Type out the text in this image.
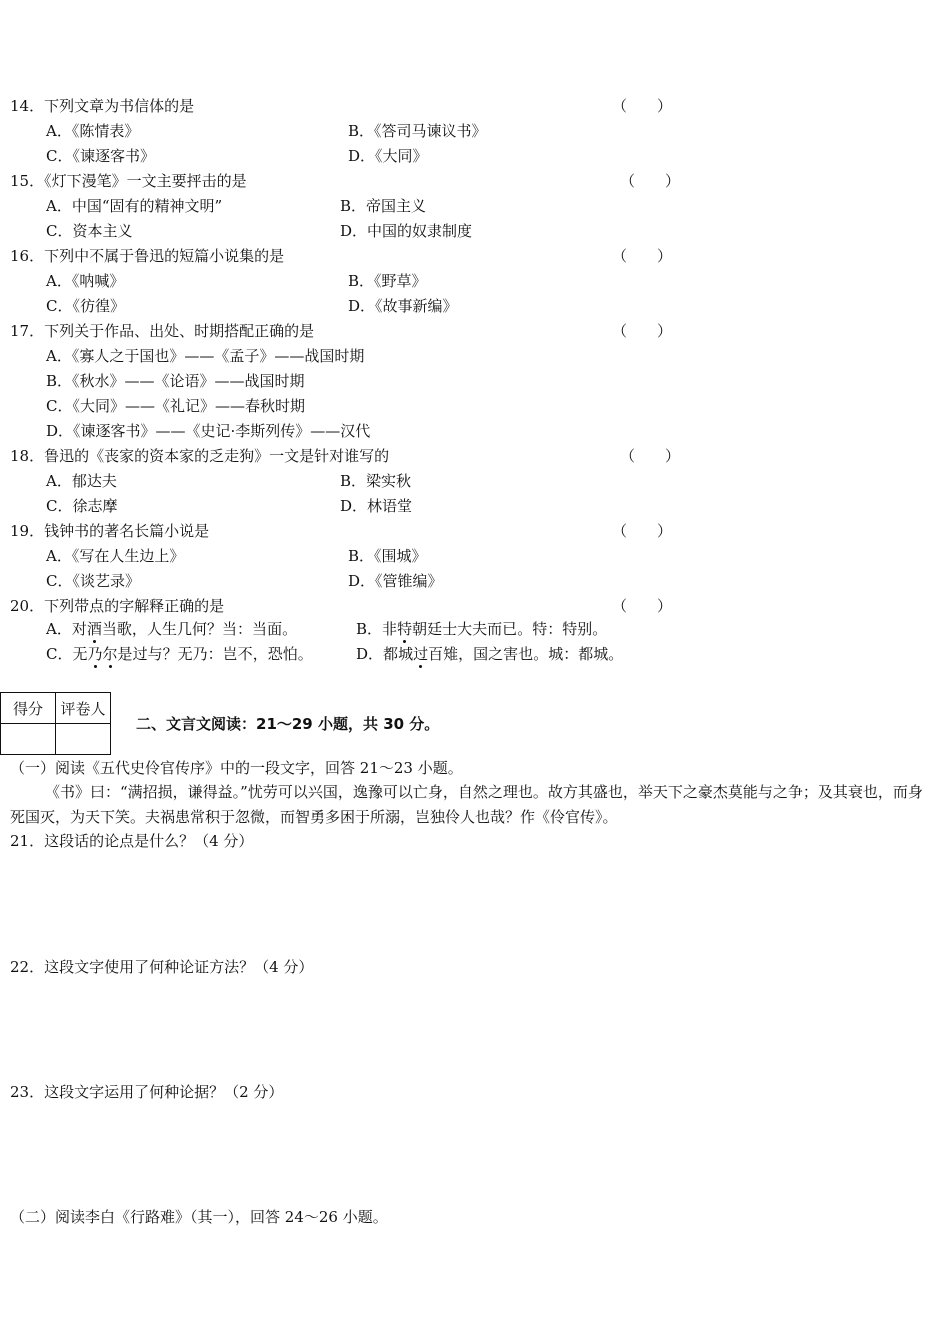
14．下列文章为书信体的是	（　　）
A．《陈情表》	B．《答司马谏议书》
C．《谏逐客书》	D．《大同》
15．《灯下漫笔》一文主要抨击的是	（　　）
A．中国“固有的精神文明”	B．帝国主义
C．资本主义	D．中国的奴隶制度
16．下列中不属于鲁迅的短篇小说集的是	（　　）
A．《呐喊》	B．《野草》
C．《彷徨》	D．《故事新编》
17．下列关于作品、出处、时期搭配正确的是	（　　）
A．《寡人之于国也》——《孟子》——战国时期
B．《秋水》——《论语》——战国时期
C．《大同》——《礼记》——春秋时期
D．《谏逐客书》——《史记·李斯列传》——汉代
18．鲁迅的《丧家的资本家的乏走狗》一文是针对谁写的	（　　）
A．郁达夫	B．梁实秋
C．徐志摩	D．林语堂
19．钱钟书的著名长篇小说是	（　　）
A．《写在人生边上》	B．《围城》
C．《谈艺录》	D．《管锥编》
20．下列带点的字解释正确的是	（　　）
A．对酒当歌，人生几何？当：当面。	B．非特朝廷士大夫而已。特：特别。
C．无乃尔是过与？无乃：岂不，恐怕。	D．都城过百雉，国之害也。城：都城。
得分	评卷人

二、文言文阅读：21～29 小题，共 30 分。
（一）阅读《五代史伶官传序》中的一段文字，回答 21～23 小题。
《书》曰：“满招损，谦得益。”忧劳可以兴国，逸豫可以亡身，自然之理也。故方其盛也，举天下之豪杰莫能与之争；及其衰也，而身死国灭，为天下笑。夫祸患常积于忽微，而智勇多困于所溺，岂独伶人也哉？作《伶官传》。
21．这段话的论点是什么？（4 分）
22．这段文字使用了何种论证方法？（4 分）
23．这段文字运用了何种论据？（2 分）
（二）阅读李白《行路难》（其一），回答 24～26 小题。
